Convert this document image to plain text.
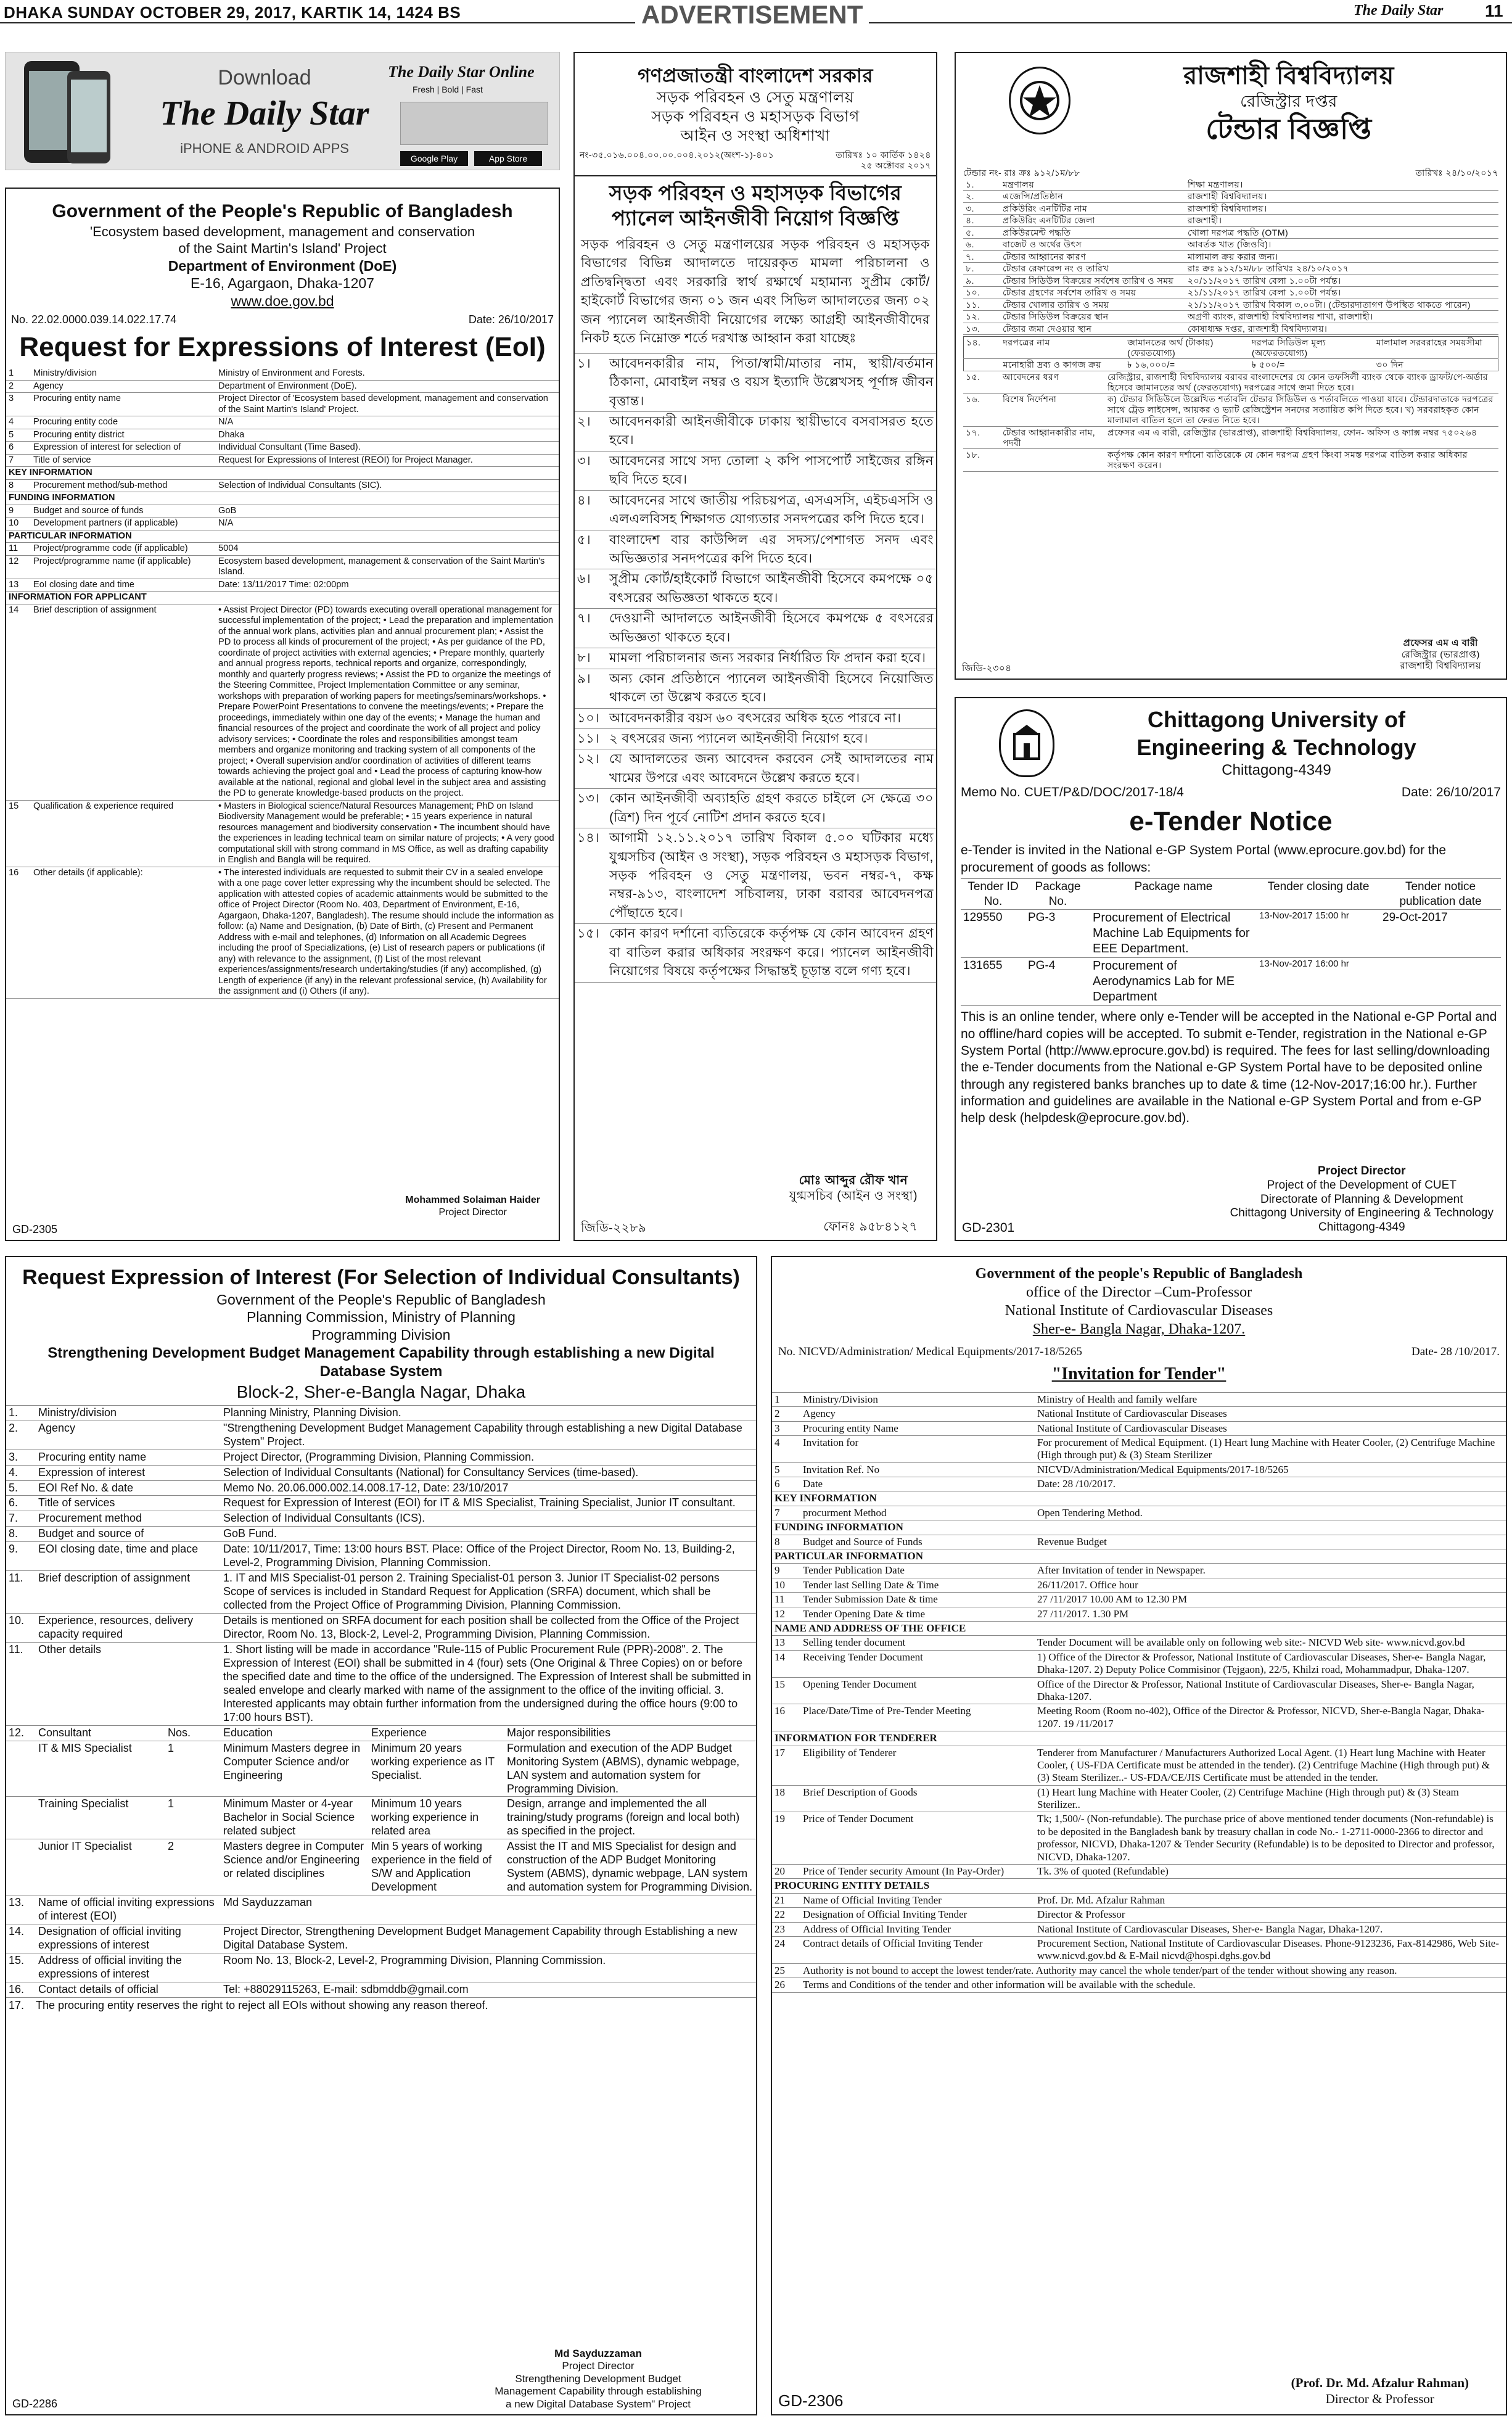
DHAKA SUNDAY OCTOBER 29, 2017, KARTIK 14, 1424 BS	ADVERTISEMENT	The Daily Star 11
Download
The Daily Star
iPHONE & ANDROID APPS
The Daily Star Online
Fresh | Bold | Fast
Google Play	App Store
Government of the People's Republic of Bangladesh
'Ecosystem based development, management and conservation
of the Saint Martin's Island' Project
Department of Environment (DoE)
E-16, Agargaon, Dhaka-1207
www.doe.gov.bd
No. 22.02.0000.039.14.022.17.74	Date: 26/10/2017
Request for Expressions of Interest (EoI)
1	Ministry/division	Ministry of Environment and Forests.
2	Agency	Department of Environment (DoE).
3	Procuring entity name	Project Director of 'Ecosystem based development, management and conservation of the Saint Martin's Island' Project.
4	Procuring entity code	N/A
5	Procuring entity district	Dhaka
6	Expression of interest for selection of	Individual Consultant (Time Based).
7	Title of service	Request for Expressions of Interest (REOI) for Project Manager.
KEY INFORMATION		
8	Procurement method/sub-method	Selection of Individual Consultants (SIC).
FUNDING INFORMATION		
9	Budget and source of funds	GoB
10	Development partners (if applicable)	N/A
PARTICULAR INFORMATION		
11	Project/programme code (if applicable)	5004
12	Project/programme name (if applicable)	Ecosystem based development, management & conservation of the Saint Martin's Island.
13	EoI closing date and time	Date: 13/11/2017 Time: 02:00pm
INFORMATION FOR APPLICANT		
14	Brief description of assignment	• Assist Project Director (PD) towards executing overall operational management for successful implementation of the project; • Lead the preparation and implementation of the annual work plans, activities plan and annual procurement plan; • Assist the PD to process all kinds of procurement of the project; • As per guidance of the PD, coordinate of project activities with external agencies; • Prepare monthly, quarterly and annual progress reports, technical reports and organize, correspondingly, monthly and quarterly progress reviews; • Assist the PD to organize the meetings of the Steering Committee, Project Implementation Committee or any seminar, workshops with preparation of working papers for meetings/seminars/workshops. • Prepare PowerPoint Presentations to convene the meetings/events; • Prepare the proceedings, immediately within one day of the events; • Manage the human and financial resources of the project and coordinate the work of all project and policy advisory services; • Coordinate the roles and responsibilities amongst team members and organize monitoring and tracking system of all components of the project; • Overall supervision and/or coordination of activities of different teams towards achieving the project goal and • Lead the process of capturing know-how available at the national, regional and global level in the subject area and assisting the PD to generate knowledge-based products on the project.
15	Qualification & experience required	• Masters in Biological science/Natural Resources Management; PhD on Island Biodiversity Management would be preferable; • 15 years experience in natural resources management and biodiversity conservation • The incumbent should have the experiences in leading technical team on similar nature of projects; • A very good computational skill with strong command in MS Office, as well as drafting capability in English and Bangla will be required.
16	Other details (if applicable):	• The interested individuals are requested to submit their CV in a sealed envelope with a one page cover letter expressing why the incumbent should be selected. The application with attested copies of academic attainments would be submitted to the office of Project Director (Room No. 403, Department of Environment, E-16, Agargaon, Dhaka-1207, Bangladesh). The resume should include the information as follow: (a) Name and Designation, (b) Date of Birth, (c) Present and Permanent Address with e-mail and telephones, (d) Information on all Academic Degrees including the proof of Specializations, (e) List of research papers or publications (if any) with relevance to the assignment, (f) List of the most relevant experiences/assignments/research undertaking/studies (if any) accomplished, (g) Length of experience (if any) in the relevant professional service, (h) Availability for the assignment and (i) Others (if any).
Mohammed Solaiman Haider
Project Director
GD-2305
গণপ্রজাতন্ত্রী বাংলাদেশ সরকার
সড়ক পরিবহন ও সেতু মন্ত্রণালয়
সড়ক পরিবহন ও মহাসড়ক বিভাগ
আইন ও সংস্থা অধিশাখা
নং-৩৫.০১৬.০০৪.০০.০০.০০৪.২০১২(অংশ-১)-৪০১	তারিখঃ ১০ কার্তিক ১৪২৪
২৫ অক্টোবর ২০১৭
সড়ক পরিবহন ও মহাসড়ক বিভাগের
প্যানেল আইনজীবী নিয়োগ বিজ্ঞপ্তি
সড়ক পরিবহন ও সেতু মন্ত্রণালয়ের সড়ক পরিবহন ও মহাসড়ক বিভাগের বিভিন্ন আদালতে দায়েরকৃত মামলা পরিচালনা ও প্রতিদ্বন্দ্বিতা এবং সরকারি স্বার্থ রক্ষার্থে মহামান্য সুপ্রীম কোর্ট/হাইকোর্ট বিভাগের জন্য ০১ জন এবং সিভিল আদালতের জন্য ০২ জন প্যানেল আইনজীবী নিয়োগের লক্ষ্যে আগ্রহী আইনজীবীদের নিকট হতে নিম্নোক্ত শর্তে দরখাস্ত আহ্বান করা যাচ্ছেঃ
১।	আবেদনকারীর নাম, পিতা/স্বামী/মাতার নাম, স্থায়ী/বর্তমান ঠিকানা, মোবাইল নম্বর ও বয়স ইত্যাদি উল্লেখসহ পূর্ণাঙ্গ জীবন বৃত্তান্ত।
২।	আবেদনকারী আইনজীবীকে ঢাকায় স্থায়ীভাবে বসবাসরত হতে হবে।
৩।	আবেদনের সাথে সদ্য তোলা ২ কপি পাসপোর্ট সাইজের রঙ্গিন ছবি দিতে হবে।
৪।	আবেদনের সাথে জাতীয় পরিচয়পত্র, এসএসসি, এইচএসসি ও এলএলবিসহ শিক্ষাগত যোগ্যতার সনদপত্রের কপি দিতে হবে।
৫।	বাংলাদেশ বার কাউন্সিল এর সদস্য/পেশাগত সনদ এবং অভিজ্ঞতার সনদপত্রের কপি দিতে হবে।
৬।	সুপ্রীম কোর্ট/হাইকোর্ট বিভাগে আইনজীবী হিসেবে কমপক্ষে ০৫ বৎসরের অভিজ্ঞতা থাকতে হবে।
৭।	দেওয়ানী আদালতে আইনজীবী হিসেবে কমপক্ষে ৫ বৎসরের অভিজ্ঞতা থাকতে হবে।
৮।	মামলা পরিচালনার জন্য সরকার নির্ধারিত ফি প্রদান করা হবে।
৯।	অন্য কোন প্রতিষ্ঠানে প্যানেল আইনজীবী হিসেবে নিয়োজিত থাকলে তা উল্লেখ করতে হবে।
১০।	আবেদনকারীর বয়স ৬০ বৎসরের অধিক হতে পারবে না।
১১।	২ বৎসরের জন্য প্যানেল আইনজীবী নিয়োগ হবে।
১২।	যে আদালতের জন্য আবেদন করবেন সেই আদালতের নাম খামের উপরে এবং আবেদনে উল্লেখ করতে হবে।
১৩।	কোন আইনজীবী অব্যাহতি গ্রহণ করতে চাইলে সে ক্ষেত্রে ৩০ (ত্রিশ) দিন পূর্বে নোটিশ প্রদান করতে হবে।
১৪।	আগামী ১২.১১.২০১৭ তারিখ বিকাল ৫.০০ ঘটিকার মধ্যে যুগ্মসচিব (আইন ও সংস্থা), সড়ক পরিবহন ও মহাসড়ক বিভাগ, সড়ক পরিবহন ও সেতু মন্ত্রণালয়, ভবন নম্বর-৭, কক্ষ নম্বর-৯১৩, বাংলাদেশ সচিবালয়, ঢাকা বরাবর আবেদনপত্র পৌঁছাতে হবে।
১৫।	কোন কারণ দর্শানো ব্যতিরেকে কর্তৃপক্ষ যে কোন আবেদন গ্রহণ বা বাতিল করার অধিকার সংরক্ষণ করে। প্যানেল আইনজীবী নিয়োগের বিষয়ে কর্তৃপক্ষের সিদ্ধান্তই চূড়ান্ত বলে গণ্য হবে।
মোঃ আব্দুর রৌফ খান
যুগ্মসচিব (আইন ও সংস্থা)
জিডি-২২৮৯	ফোনঃ ৯৫৮৪১২৭
রাজশাহী বিশ্ববিদ্যালয়
রেজিস্ট্রার দপ্তর
টেন্ডার বিজ্ঞপ্তি
টেন্ডার নং- রাঃ ক্রঃ ৯১২/১ম/৮৮	তারিখঃ ২৪/১০/২০১৭
১.	মন্ত্রণালয়	শিক্ষা মন্ত্রণালয়।
২.	এজেন্সি/প্রতিষ্ঠান	রাজশাহী বিশ্ববিদ্যালয়।
৩.	প্রকিউরিং এনটিটির নাম	রাজশাহী বিশ্ববিদ্যালয়।
৪.	প্রকিউরিং এনটিটির জেলা	রাজশাহী।
৫.	প্রকিউরমেন্ট পদ্ধতি	খোলা দরপত্র পদ্ধতি (OTM)
৬.	বাজেট ও অর্থের উৎস	আবর্তক খাত (জিওবি)।
৭.	টেন্ডার আহ্বানের কারণ	মালামাল ক্রয় করার জন্য।
৮.	টেন্ডার রেফারেন্স নং ও তারিখ	রাঃ ক্রঃ ৯১২/১ম/৮৮ তারিখঃ ২৪/১০/২০১৭
৯.	টেন্ডার সিডিউল বিক্রয়ের সর্বশেষ তারিখ ও সময়	২০/১১/২০১৭ তারিখ বেলা ১.০০টা পর্যন্ত।
১০.	টেন্ডার গ্রহণের সর্বশেষ তারিখ ও সময়	২১/১১/২০১৭ তারিখ বেলা ১.০০টা পর্যন্ত।
১১.	টেন্ডার খোলার তারিখ ও সময়	২১/১১/২০১৭ তারিখ বিকাল ৩.০০টা। (টেন্ডারদাতাগণ উপস্থিত থাকতে পারেন)
১২.	টেন্ডার সিডিউল বিক্রয়ের স্থান	অগ্রণী ব্যাংক, রাজশাহী বিশ্ববিদ্যালয় শাখা, রাজশাহী।
১৩.	টেন্ডার জমা দেওয়ার স্থান	কোষাধ্যক্ষ দপ্তর, রাজশাহী বিশ্ববিদ্যালয়।
১৪.	দরপত্রের নাম	জামানতের অর্থ (টাকায়) (ফেরতযোগ্য)	দরপত্র সিডিউল মূল্য (অফেরতযোগ্য)	মালামাল সরবরাহের সময়সীমা
	মনোহারী দ্রব্য ও কাগজ ক্রয়	৳ ১৬,০০০/=	৳ ৫০০/=	৩০ দিন
১৫.	আবেদনের ধরণ	রেজিস্ট্রার, রাজশাহী বিশ্ববিদ্যালয় বরাবর বাংলাদেশের যে কোন তফসিলী ব্যাংক থেকে ব্যাংক ড্রাফট/পে-অর্ডার হিসেবে জামানতের অর্থ (ফেরতযোগ্য) দরপত্রের সাথে জমা দিতে হবে।
১৬.	বিশেষ নির্দেশনা	ক) টেন্ডার সিডিউলে উল্লেখিত শর্তাবলি টেন্ডার সিডিউল ও শর্তাবলিতে পাওয়া যাবে। টেন্ডারদাতাকে দরপত্রের সাথে ট্রেড লাইসেন্স, আয়কর ও ভ্যাট রেজিস্ট্রেশন সনদের সত্যায়িত কপি দিতে হবে। খ) সরবরাহকৃত কোন মালামাল বাতিল হলে তা ফেরত নিতে হবে।
১৭.	টেন্ডার আহ্বানকারীর নাম, পদবী	প্রফেসর এম এ বারী, রেজিস্ট্রার (ভারপ্রাপ্ত), রাজশাহী বিশ্ববিদ্যালয়, ফোন- অফিস ও ফ্যাক্স নম্বর ৭৫০২৬৪
১৮.		কর্তৃপক্ষ কোন কারণ দর্শানো ব্যতিরেকে যে কোন দরপত্র গ্রহণ কিংবা সমস্ত দরপত্র বাতিল করার অধিকার সংরক্ষণ করেন।
প্রফেসর এম এ বারী
রেজিস্ট্রার (ভারপ্রাপ্ত)
রাজশাহী বিশ্ববিদ্যালয়
জিডি-২৩০৪
Chittagong University of
Engineering & Technology
Chittagong-4349
Memo No. CUET/P&D/DOC/2017-18/4	Date: 26/10/2017
e-Tender Notice
e-Tender is invited in the National e-GP System Portal (www.eprocure.gov.bd) for the procurement of goods as follows:
Tender ID No.	Package No.	Package name	Tender closing date	Tender notice publication date
129550	PG-3	Procurement of Electrical Machine Lab Equipments for EEE Department.	13-Nov-2017 15:00 hr	29-Oct-2017
131655	PG-4	Procurement of Aerodynamics Lab for ME Department	13-Nov-2017 16:00 hr	
This is an online tender, where only e-Tender will be accepted in the National e-GP Portal and no offline/hard copies will be accepted. To submit e-Tender, registration in the National e-GP System Portal (http://www.eprocure.gov.bd) is required. The fees for last selling/downloading the e-Tender documents from the National e-GP System Portal have to be deposited online through any registered banks branches up to date & time (12-Nov-2017;16:00 hr.). Further information and guidelines are available in the National e-GP System Portal and from e-GP help desk (helpdesk@eprocure.gov.bd).
Project Director
Project of the Development of CUET
Directorate of Planning & Development
Chittagong University of Engineering & Technology
Chittagong-4349
GD-2301
Request Expression of Interest (For Selection of Individual Consultants)
Government of the People's Republic of Bangladesh
Planning Commission, Ministry of Planning
Programming Division
Strengthening Development Budget Management Capability through establishing a new Digital Database System
Block-2, Sher-e-Bangla Nagar, Dhaka
1.	Ministry/division	Planning Ministry, Planning Division.
2.	Agency	"Strengthening Development Budget Management Capability through establishing a new Digital Database System" Project.
3.	Procuring entity name	Project Director, (Programming Division, Planning Commission.
4.	Expression of interest	Selection of Individual Consultants (National) for Consultancy Services (time-based).
5.	EOI Ref No. & date	Memo No. 20.06.000.002.14.008.17-12, Date: 23/10/2017
6.	Title of services	Request for Expression of Interest (EOI) for IT & MIS Specialist, Training Specialist, Junior IT consultant.
7.	Procurement method	Selection of Individual Consultants (ICS).
8.	Budget and source of	GoB Fund.
9.	EOI closing date, time and place	Date: 10/11/2017, Time: 13:00 hours BST. Place: Office of the Project Director, Room No. 13, Building-2, Level-2, Programming Division, Planning Commission.
11.	Brief description of assignment	1. IT and MIS Specialist-01 person 2. Training Specialist-01 person 3. Junior IT Specialist-02 persons Scope of services is included in Standard Request for Application (SRFA) document, which shall be collected from the Project Office of Programming Division, Planning Commission.
10.	Experience, resources, delivery capacity required	Details is mentioned on SRFA document for each position shall be collected from the Office of the Project Director, Room No. 13, Block-2, Level-2, Programming Division, Planning Commission.
11.	Other details	1. Short listing will be made in accordance "Rule-115 of Public Procurement Rule (PPR)-2008". 2. The Expression of Interest (EOI) shall be submitted in 4 (four) sets (One Original & Three Copies) on or before the specified date and time to the office of the undersigned. The Expression of Interest shall be submitted in sealed envelope and clearly marked with name of the assignment to the office of the inviting official. 3. Interested applicants may obtain further information from the undersigned during the office hours (9:00 to 17:00 hours BST).
12.	Consultant	Nos.	Education	Experience	Major responsibilities
	IT & MIS Specialist	1	Minimum Masters degree in Computer Science and/or Engineering	Minimum 20 years working experience as IT Specialist.	Formulation and execution of the ADP Budget Monitoring System (ABMS), dynamic webpage, LAN system and automation system for Programming Division.
	Training Specialist	1	Minimum Master or 4-year Bachelor in Social Science related subject	Minimum 10 years working experience in related area	Design, arrange and implemented the all training/study programs (foreign and local both) as specified in the project.
	Junior IT Specialist	2	Masters degree in Computer Science and/or Engineering or related disciplines	Min 5 years of working experience in the field of S/W and Application Development	Assist the IT and MIS Specialist for design and construction of the ADP Budget Monitoring System (ABMS), dynamic webpage, LAN system and automation system for Programming Division.
13.	Name of official inviting expressions of interest (EOI)	Md Sayduzzaman
14.	Designation of official inviting expressions of interest	Project Director, Strengthening Development Budget Management Capability through Establishing a new Digital Database System.
15.	Address of official inviting the expressions of interest	Room No. 13, Block-2, Level-2, Programming Division, Planning Commission.
16.	Contact details of official	Tel: +88029115263, E-mail: sdbmddb@gmail.com
17.	The procuring entity reserves the right to reject all EOIs without showing any reason thereof.
Md Sayduzzaman
Project Director
Strengthening Development Budget
Management Capability through establishing
a new Digital Database System" Project
GD-2286
Government of the people's Republic of Bangladesh
office of the Director –Cum-Professor
National Institute of Cardiovascular Diseases
Sher-e- Bangla Nagar, Dhaka-1207.
No. NICVD/Administration/ Medical Equipments/2017-18/5265	Date- 28 /10/2017.
"Invitation for Tender"
1	Ministry/Division	Ministry of Health and family welfare
2	Agency	National Institute of Cardiovascular Diseases
3	Procuring entity Name	National Institute of Cardiovascular Diseases
4	Invitation for	For procurement of Medical Equipment. (1) Heart lung Machine with Heater Cooler, (2) Centrifuge Machine (High through put) & (3) Steam Sterilizer
5	Invitation Ref. No	NICVD/Administration/Medical Equipments/2017-18/5265
6	Date	Date: 28 /10/2017.
KEY INFORMATION		
7	procurment Method	Open Tendering Method.
FUNDING INFORMATION		
8	Budget and Source of Funds	Revenue Budget
PARTICULAR INFORMATION		
9	Tender Publication Date	After Invitation of tender in Newspaper.
10	Tender last Selling Date & Time	26/11/2017. Office hour
11	Tender Submission Date & time	27 /11/2017 10.00 AM to 12.30 PM
12	Tender Opening Date & time	27 /11/2017. 1.30 PM
NAME AND ADDRESS OF THE OFFICE		
13	Selling tender document	Tender Document will be available only on following web site:- NICVD Web site- www.nicvd.gov.bd
14	Receiving Tender Document	1) Office of the Director & Professor, National Institute of Cardiovascular Diseases, Sher-e- Bangla Nagar, Dhaka-1207. 2) Deputy Police Commisinor (Tejgaon), 22/5, Khilzi road, Mohammadpur, Dhaka-1207.
15	Opening Tender Document	Office of the Director & Professor, National Institute of Cardiovascular Diseases, Sher-e- Bangla Nagar, Dhaka-1207.
16	Place/Date/Time of Pre-Tender Meeting	Meeting Room (Room no-402), Office of the Director & Professor, NICVD, Sher-e-Bangla Nagar, Dhaka-1207. 19 /11/2017
INFORMATION FOR TENDERER		
17	Eligibility of Tenderer	Tenderer from Manufacturer / Manufacturers Authorized Local Agent. (1) Heart lung Machine with Heater Cooler, ( US-FDA Certificate must be attended in the tender). (2) Centrifuge Machine (High through put) & (3) Steam Sterilizer..- US-FDA/CE/JIS Certificate must be attended in the tender.
18	Brief Description of Goods	(1) Heart lung Machine with Heater Cooler, (2) Centrifuge Machine (High through put) & (3) Steam Sterilizer..
19	Price of Tender Document	Tk; 1,500/- (Non-refundable). The purchase price of above mentioned tender documents (Non-refundable) is to be deposited in the Bangladesh bank by treasury challan in code No.- 1-2711-0000-2366 to director and professor, NICVD, Dhaka-1207 & Tender Security (Refundable) is to be deposited to Director and professor, NICVD, Dhaka-1207.
20	Price of Tender security Amount (In Pay-Order)	Tk. 3% of quoted (Refundable)
PROCURING ENTITY DETAILS		
21	Name of Official Inviting Tender	Prof. Dr. Md. Afzalur Rahman
22	Designation of Official Inviting Tender	Director & Professor
23	Address of Official Inviting Tender	National Institute of Cardiovascular Diseases, Sher-e- Bangla Nagar, Dhaka-1207.
24	Contract details of Official Inviting Tender	Procurement Section, National Institute of Cardiovascular Diseases. Phone-9123236, Fax-8142986, Web Site- www.nicvd.gov.bd & E-Mail nicvd@hospi.dghs.gov.bd
25	Authority is not bound to accept the lowest tender/rate. Authority may cancel the whole tender/part of the tender without showing any reason.	
26	Terms and Conditions of the tender and other information will be available with the schedule.	
(Prof. Dr. Md. Afzalur Rahman)
Director & Professor
GD-2306
